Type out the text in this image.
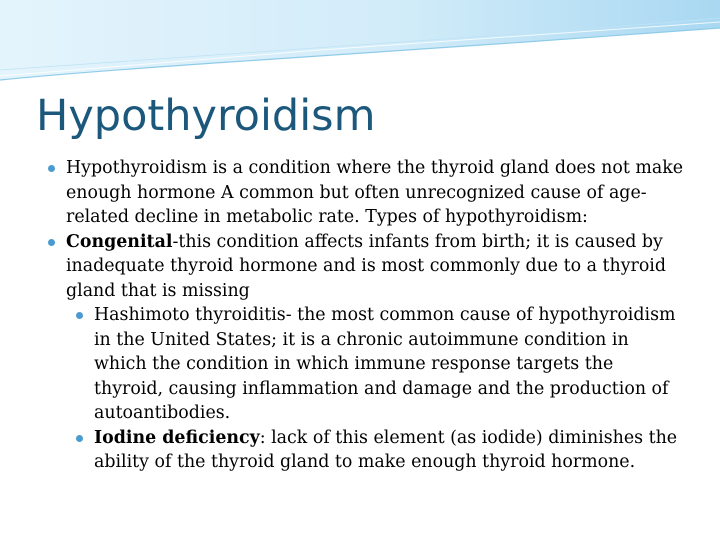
Hypothyroidism
Hypothyroidism is a condition where the thyroid gland does not make enough hormone A common but often unrecognized cause of age-related decline in metabolic rate. Types of hypothyroidism:
Congenital-this condition affects infants from birth; it is caused by inadequate thyroid hormone and is most commonly due to a thyroid gland that is missing
Hashimoto thyroiditis- the most common cause of hypothyroidism in the United States; it is a chronic autoimmune condition in which the condition in which immune response targets the thyroid, causing inflammation and damage and the production of autoantibodies.
Iodine deficiency: lack of this element (as iodide) diminishes the ability of the thyroid gland to make enough thyroid hormone.
